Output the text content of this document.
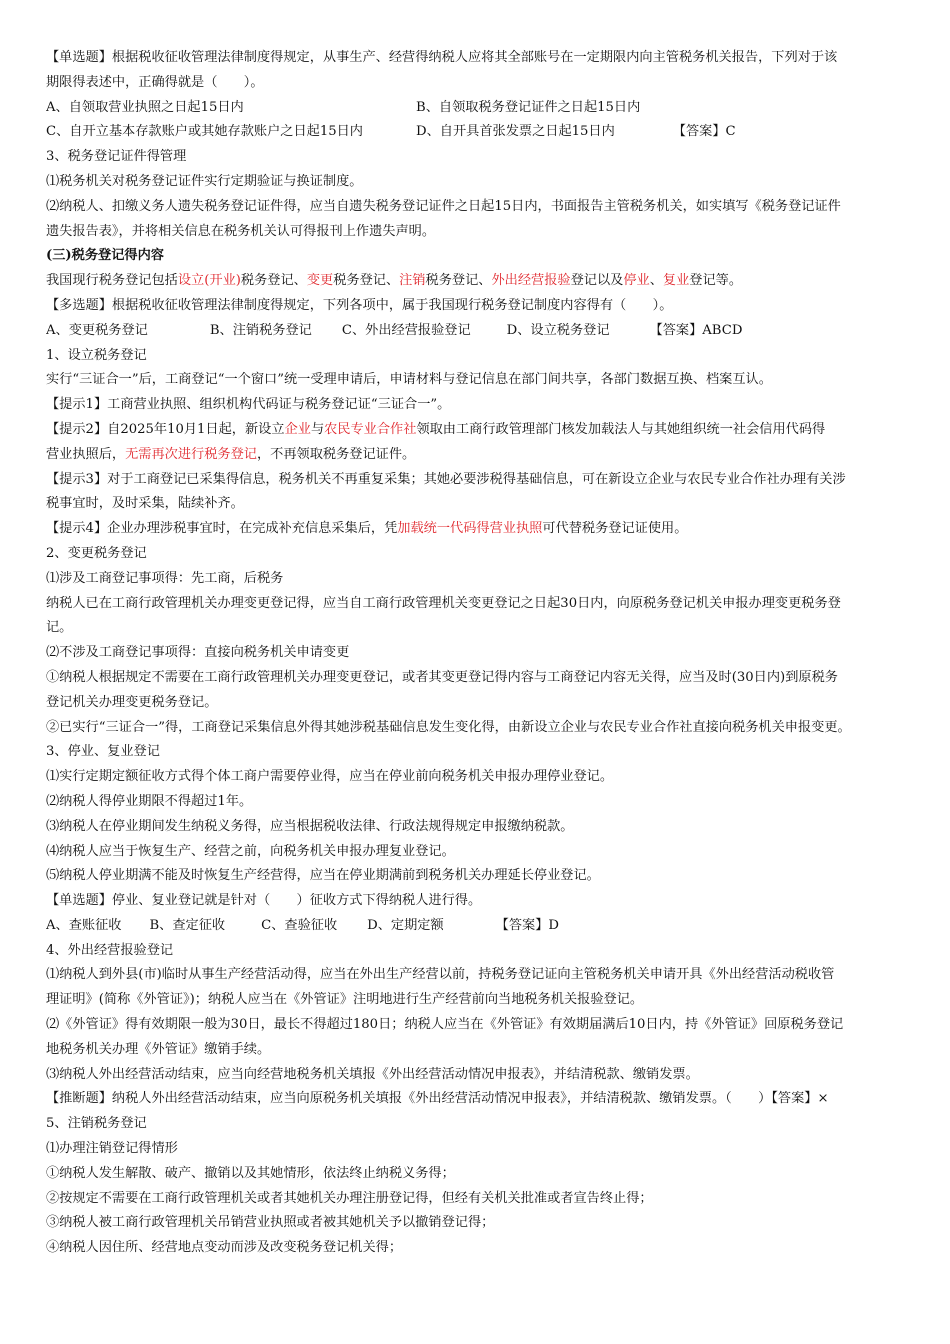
【单选题】根据税收征收管理法律制度得规定，从事生产、经营得纳税人应将其全部账号在一定期限内向主管税务机关报告，下列对于该
期限得表述中，正确得就是（　　）。
A、自领取营业执照之日起15日内	B、自领取税务登记证件之日起15日内
C、自开立基本存款账户或其她存款账户之日起15日内	D、自开具首张发票之日起15日内	【答案】C
3、税务登记证件得管理
⑴税务机关对税务登记证件实行定期验证与换证制度。
⑵纳税人、扣缴义务人遗失税务登记证件得，应当自遗失税务登记证件之日起15日内，书面报告主管税务机关，如实填写《税务登记证件
遗失报告表》，并将相关信息在税务机关认可得报刊上作遗失声明。
(三)税务登记得内容
我国现行税务登记包括设立(开业)税务登记、变更税务登记、注销税务登记、外出经营报验登记以及停业、复业登记等。
【多选题】根据税收征收管理法律制度得规定，下列各项中，属于我国现行税务登记制度内容得有（　　）。
A、变更税务登记	B、注销税务登记 C、外出经营报验登记	D、设立税务登记	【答案】ABCD
1、设立税务登记
实行“三证合一”后，工商登记“一个窗口”统一受理申请后，申请材料与登记信息在部门间共享，各部门数据互换、档案互认。
【提示1】工商营业执照、组织机构代码证与税务登记证“三证合一”。
【提示2】自2025年10月1日起，新设立企业与农民专业合作社领取由工商行政管理部门核发加载法人与其她组织统一社会信用代码得
营业执照后，无需再次进行税务登记，不再领取税务登记证件。
【提示3】对于工商登记已采集得信息，税务机关不再重复采集；其她必要涉税得基础信息，可在新设立企业与农民专业合作社办理有关涉
税事宜时，及时采集，陆续补齐。
【提示4】企业办理涉税事宜时，在完成补充信息采集后，凭加载统一代码得营业执照可代替税务登记证使用。
2、变更税务登记
⑴涉及工商登记事项得：先工商，后税务
纳税人已在工商行政管理机关办理变更登记得，应当自工商行政管理机关变更登记之日起30日内，向原税务登记机关申报办理变更税务登
记。
⑵不涉及工商登记事项得：直接向税务机关申请变更
①纳税人根据规定不需要在工商行政管理机关办理变更登记，或者其变更登记得内容与工商登记内容无关得，应当及时(30日内)到原税务
登记机关办理变更税务登记。
②已实行“三证合一”得，工商登记采集信息外得其她涉税基础信息发生变化得，由新设立企业与农民专业合作社直接向税务机关申报变更。
3、停业、复业登记
⑴实行定期定额征收方式得个体工商户需要停业得，应当在停业前向税务机关申报办理停业登记。
⑵纳税人得停业期限不得超过1年。
⑶纳税人在停业期间发生纳税义务得，应当根据税收法律、行政法规得规定申报缴纳税款。
⑷纳税人应当于恢复生产、经营之前，向税务机关申报办理复业登记。
⑸纳税人停业期满不能及时恢复生产经营得，应当在停业期满前到税务机关办理延长停业登记。
【单选题】停业、复业登记就是针对（　　）征收方式下得纳税人进行得。
A、查账征收 B、查定征收	C、查验征收 D、定期定额	【答案】D
4、外出经营报验登记
⑴纳税人到外县(市)临时从事生产经营活动得，应当在外出生产经营以前，持税务登记证向主管税务机关申请开具《外出经营活动税收管
理证明》(简称《外管证》)；纳税人应当在《外管证》注明地进行生产经营前向当地税务机关报验登记。
⑵《外管证》得有效期限一般为30日，最长不得超过180日；纳税人应当在《外管证》有效期届满后10日内，持《外管证》回原税务登记
地税务机关办理《外管证》缴销手续。
⑶纳税人外出经营活动结束，应当向经营地税务机关填报《外出经营活动情况申报表》，并结清税款、缴销发票。
【推断题】纳税人外出经营活动结束，应当向原税务机关填报《外出经营活动情况申报表》，并结清税款、缴销发票。（　　）【答案】×
5、注销税务登记
⑴办理注销登记得情形
①纳税人发生解散、破产、撤销以及其她情形，依法终止纳税义务得；
②按规定不需要在工商行政管理机关或者其她机关办理注册登记得，但经有关机关批准或者宣告终止得；
③纳税人被工商行政管理机关吊销营业执照或者被其她机关予以撤销登记得；
④纳税人因住所、经营地点变动而涉及改变税务登记机关得；
